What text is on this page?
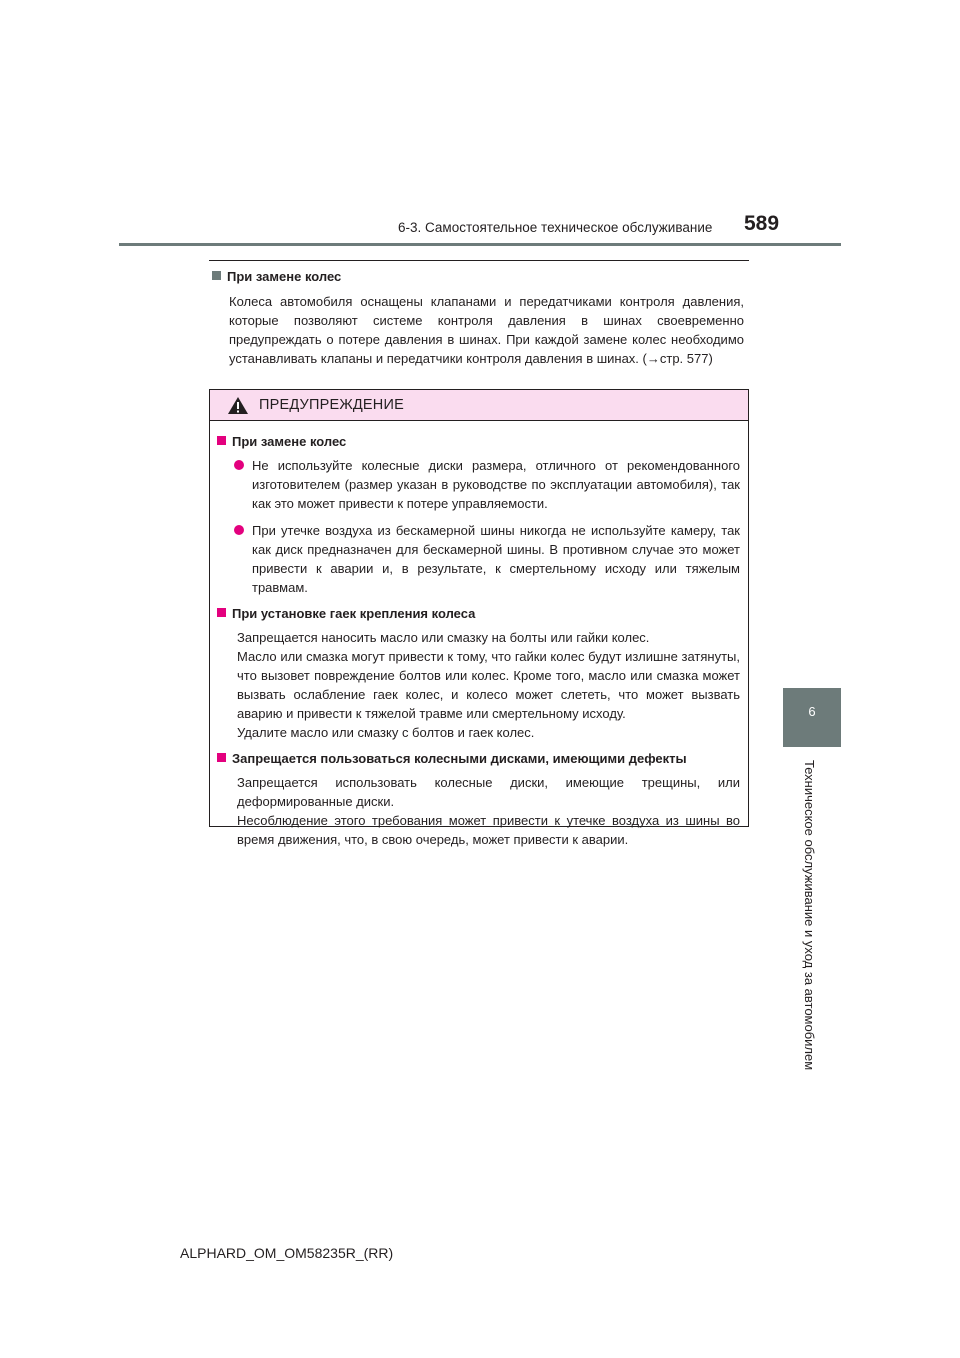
6-3. Самостоятельное техническое обслуживание 589
6
Техническое обслуживание и уход за автомобилем
При замене колес
Колеса автомобиля оснащены клапанами и передатчиками контроля давления, которые позволяют системе контроля давления в шинах своевременно предупреждать о потере давления в шинах. При каждой замене колес необходимо устанавливать клапаны и передатчики контроля давления в шинах. (→стр. 577)
ПРЕДУПРЕЖДЕНИЕ
При замене колес
Не используйте колесные диски размера, отличного от рекомендованного изготовителем (размер указан в руководстве по эксплуатации автомобиля), так как это может привести к потере управляемости.
При утечке воздуха из бескамерной шины никогда не используйте камеру, так как диск предназначен для бескамерной шины. В противном случае это может привести к аварии и, в результате, к смертельному исходу или тяжелым травмам.
При установке гаек крепления колеса
Запрещается наносить масло или смазку на болты или гайки колес.
Масло или смазка могут привести к тому, что гайки колес будут излишне затянуты, что вызовет повреждение болтов или колес. Кроме того, масло или смазка может вызвать ослабление гаек колес, и колесо может слететь, что может вызвать аварию и привести к тяжелой травме или смертельному исходу.
Удалите масло или смазку с болтов и гаек колес.
Запрещается пользоваться колесными дисками, имеющими дефекты
Запрещается использовать колесные диски, имеющие трещины, или деформированные диски.
Несоблюдение этого требования может привести к утечке воздуха из шины во время движения, что, в свою очередь, может привести к аварии.
ALPHARD_OM_OM58235R_(RR)
